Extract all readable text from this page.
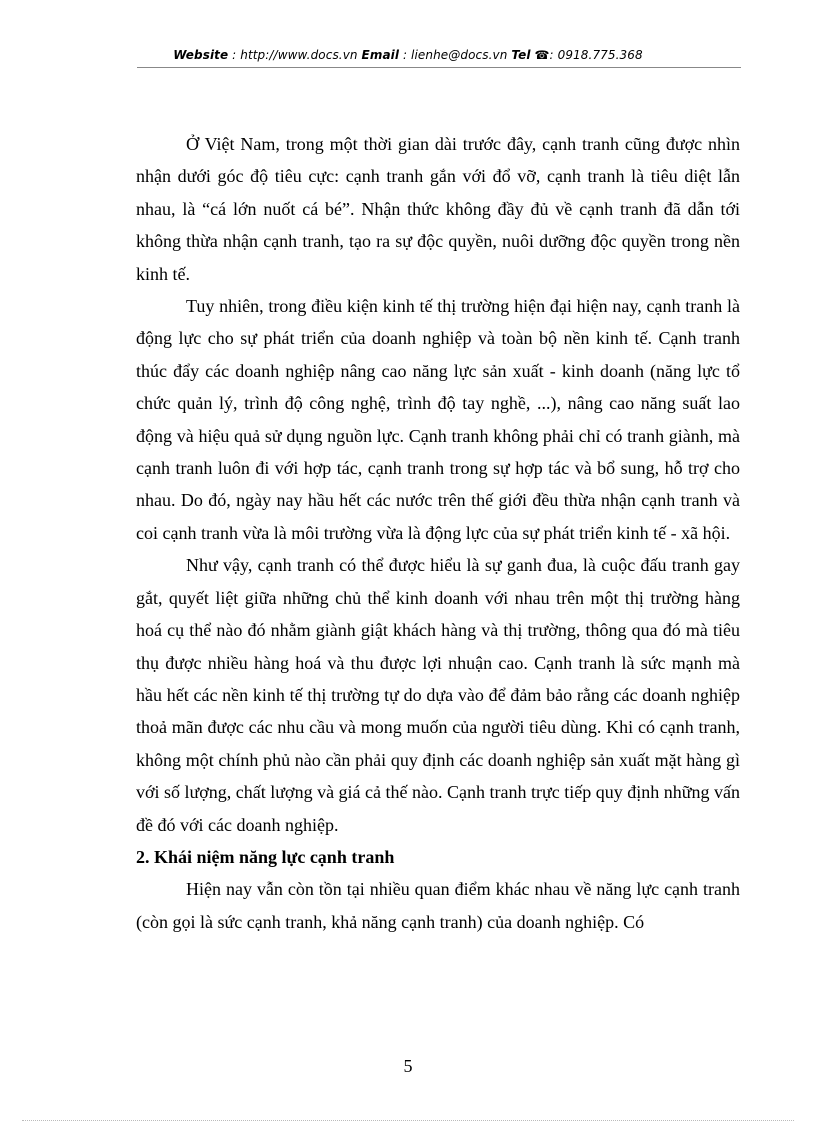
Website : http://www.docs.vn Email : lienhe@docs.vn Tel ☎: 0918.775.368

Ở Việt Nam, trong một thời gian dài trước đây, cạnh tranh cũng được nhìn nhận dưới góc độ tiêu cực: cạnh tranh gắn với đổ vỡ, cạnh tranh là tiêu diệt lẫn nhau, là “cá lớn nuốt cá bé”. Nhận thức không đầy đủ về cạnh tranh đã dẫn tới không thừa nhận cạnh tranh, tạo ra sự độc quyền, nuôi dưỡng độc quyền trong nền kinh tế.

Tuy nhiên, trong điều kiện kinh tế thị trường hiện đại hiện nay, cạnh tranh là động lực cho sự phát triển của doanh nghiệp và toàn bộ nền kinh tế. Cạnh tranh thúc đẩy các doanh nghiệp nâng cao năng lực sản xuất - kinh doanh (năng lực tổ chức quản lý, trình độ công nghệ, trình độ tay nghề, ...), nâng cao năng suất lao động và hiệu quả sử dụng nguồn lực. Cạnh tranh không phải chỉ có tranh giành, mà cạnh tranh luôn đi với hợp tác, cạnh tranh trong sự hợp tác và bổ sung, hỗ trợ cho nhau. Do đó, ngày nay hầu hết các nước trên thế giới đều thừa nhận cạnh tranh và coi cạnh tranh vừa là môi trường vừa là động lực của sự phát triển kinh tế - xã hội.

Như vậy, cạnh tranh có thể được hiểu là sự ganh đua, là cuộc đấu tranh gay gắt, quyết liệt giữa những chủ thể kinh doanh với nhau trên một thị trường hàng hoá cụ thể nào đó nhằm giành giật khách hàng và thị trường, thông qua đó mà tiêu thụ được nhiều hàng hoá và thu được lợi nhuận cao. Cạnh tranh là sức mạnh mà hầu hết các nền kinh tế thị trường tự do dựa vào để đảm bảo rằng các doanh nghiệp thoả mãn được các nhu cầu và mong muốn của người tiêu dùng. Khi có cạnh tranh, không một chính phủ nào cần phải quy định các doanh nghiệp sản xuất mặt hàng gì với số lượng, chất lượng và giá cả thế nào. Cạnh tranh trực tiếp quy định những vấn đề đó với các doanh nghiệp.

2. Khái niệm năng lực cạnh tranh

Hiện nay vẫn còn tồn tại nhiều quan điểm khác nhau về năng lực cạnh tranh (còn gọi là sức cạnh tranh, khả năng cạnh tranh) của doanh nghiệp. Có

5
